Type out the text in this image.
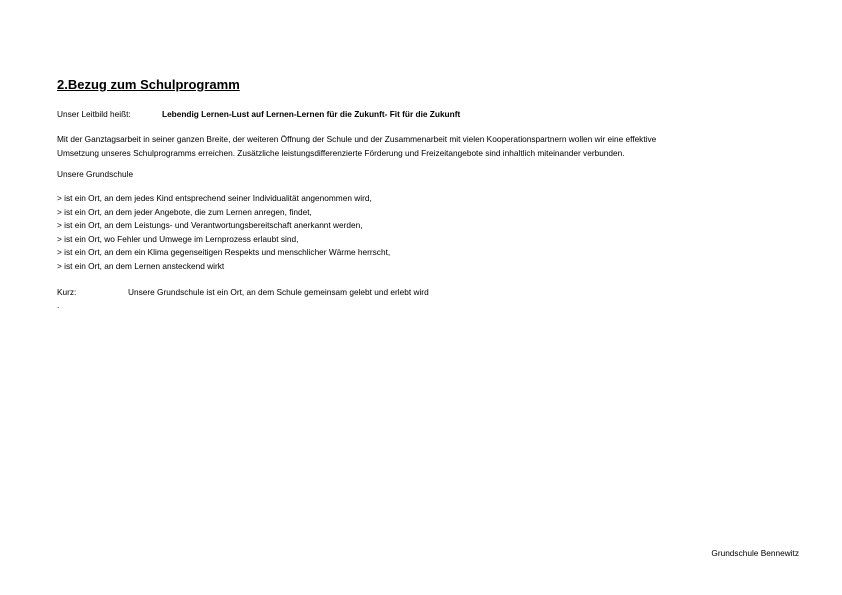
2.Bezug zum Schulprogramm
Unser Leitbild heißt:	Lebendig Lernen-Lust auf Lernen-Lernen für die Zukunft- Fit für die Zukunft

Mit der Ganztagsarbeit in seiner ganzen Breite, der weiteren Öffnung der Schule und der Zusammenarbeit mit vielen Kooperationspartnern wollen wir eine effektive

Umsetzung unseres Schulprogramms erreichen. Zusätzliche leistungsdifferenzierte Förderung und Freizeitangebote sind inhaltlich miteinander verbunden.

Unsere Grundschule
> ist ein Ort, an dem jedes Kind entsprechend seiner Individualität angenommen wird,
> ist ein Ort, an dem jeder Angebote, die zum Lernen anregen, findet,
> ist ein Ort, an dem Leistungs- und Verantwortungsbereitschaft anerkannt werden,
> ist ein Ort, wo Fehler und Umwege im Lernprozess erlaubt sind,
> ist ein Ort, an dem ein Klima gegenseitigen Respekts und menschlicher Wärme herrscht,
> ist ein Ort, an dem Lernen ansteckend wirkt
Kurz:	Unsere Grundschule ist ein Ort, an dem Schule gemeinsam gelebt und erlebt wird
.
Grundschule Bennewitz
